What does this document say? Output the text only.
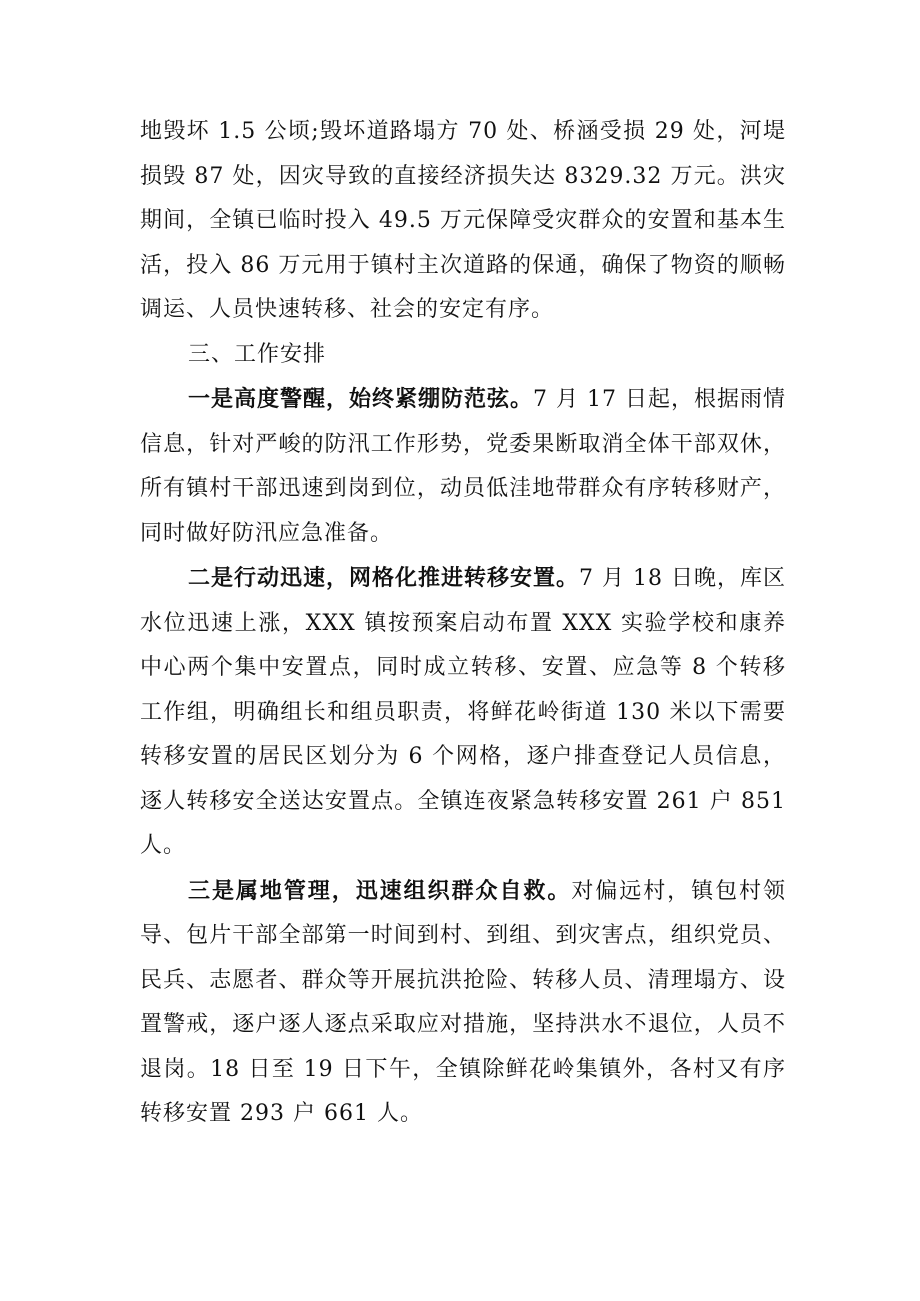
地毁坏 1.5 公顷;毁坏道路塌方 70 处、桥涵受损 29 处，河堤损毁 87 处，因灾导致的直接经济损失达 8329.32 万元。洪灾期间，全镇已临时投入 49.5 万元保障受灾群众的安置和基本生活，投入 86 万元用于镇村主次道路的保通，确保了物资的顺畅调运、人员快速转移、社会的安定有序。

三、工作安排

一是高度警醒，始终紧绷防范弦。7 月 17 日起，根据雨情信息，针对严峻的防汛工作形势，党委果断取消全体干部双休，所有镇村干部迅速到岗到位，动员低洼地带群众有序转移财产，同时做好防汛应急准备。

二是行动迅速，网格化推进转移安置。7 月 18 日晚，库区水位迅速上涨，XXX 镇按预案启动布置 XXX 实验学校和康养中心两个集中安置点，同时成立转移、安置、应急等 8 个转移工作组，明确组长和组员职责，将鲜花岭街道 130 米以下需要转移安置的居民区划分为 6 个网格，逐户排查登记人员信息，逐人转移安全送达安置点。全镇连夜紧急转移安置 261 户 851 人。

三是属地管理，迅速组织群众自救。对偏远村，镇包村领导、包片干部全部第一时间到村、到组、到灾害点，组织党员、民兵、志愿者、群众等开展抗洪抢险、转移人员、清理塌方、设置警戒，逐户逐人逐点采取应对措施，坚持洪水不退位，人员不退岗。18 日至 19 日下午，全镇除鲜花岭集镇外，各村又有序转移安置 293 户 661 人。
